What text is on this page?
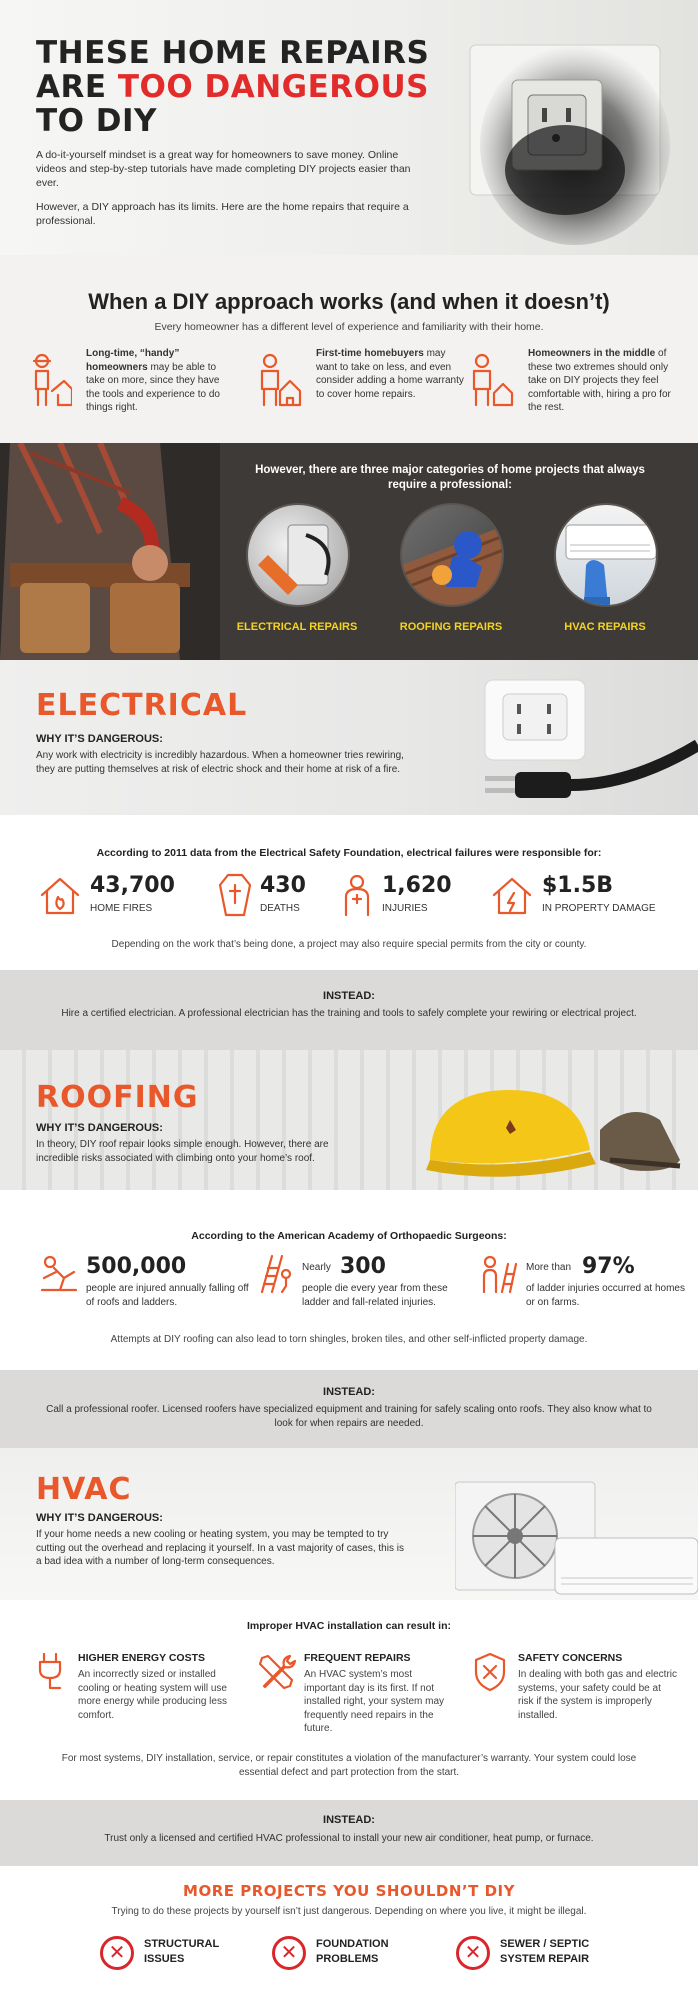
THESE HOME REPAIRS
ARE TOO DANGEROUS
TO DIY

A do-it-yourself mindset is a great way for homeowners to save money. Online videos and step-by-step tutorials have made completing DIY projects easier than ever.

However, a DIY approach has its limits. Here are the home repairs that require a professional.

When a DIY approach works (and when it doesn’t)

Every homeowner has a different level of experience and familiarity with their home.

Long-time, “handy” homeowners may be able to take on more, since they have the tools and experience to do things right.

First-time homebuyers may want to take on less, and even consider adding a home warranty to cover home repairs.

Homeowners in the middle of these two extremes should only take on DIY projects they feel comfortable with, hiring a pro for the rest.

However, there are three major categories of home projects that always require a professional:

ELECTRICAL REPAIRS	ROOFING REPAIRS	HVAC REPAIRS
ELECTRICAL
WHY IT’S DANGEROUS:

Any work with electricity is incredibly hazardous. When a homeowner tries rewiring, they are putting themselves at risk of electric shock and their home at risk of a fire.

According to 2011 data from the Electrical Safety Foundation, electrical failures were responsible for:

43,700
HOME FIRES
430
DEATHS
1,620
INJURIES
$1.5B
IN PROPERTY DAMAGE

Depending on the work that’s being done, a project may also require special permits from the city or county.

INSTEAD:

Hire a certified electrician. A professional electrician has the training and tools to safely complete your rewiring or electrical project.

ROOFING
WHY IT’S DANGEROUS:

In theory, DIY roof repair looks simple enough. However, there are incredible risks associated with climbing onto your home’s roof.

According to the American Academy of Orthopaedic Surgeons:

500,000

people are injured annually falling off of roofs and ladders.

Nearly 300

people die every year from these ladder and fall-related injuries.

More than 97%

of ladder injuries occurred at homes or on farms.

Attempts at DIY roofing can also lead to torn shingles, broken tiles, and other self-inflicted property damage.

INSTEAD:

Call a professional roofer. Licensed roofers have specialized equipment and training for safely scaling onto roofs. They also know what to look for when repairs are needed.

HVAC
WHY IT’S DANGEROUS:

If your home needs a new cooling or heating system, you may be tempted to try cutting out the overhead and replacing it yourself. In a vast majority of cases, this is a bad idea with a number of long-term consequences.

Improper HVAC installation can result in:

HIGHER ENERGY COSTS

An incorrectly sized or installed cooling or heating system will use more energy while producing less comfort.

FREQUENT REPAIRS

An HVAC system’s most important day is its first. If not installed right, your system may frequently need repairs in the future.

SAFETY CONCERNS

In dealing with both gas and electric systems, your safety could be at risk if the system is improperly installed.

For most systems, DIY installation, service, or repair constitutes a violation of the manufacturer’s warranty. Your system could lose essential defect and part protection from the start.

INSTEAD:

Trust only a licensed and certified HVAC professional to install your new air conditioner, heat pump, or furnace.

MORE PROJECTS YOU SHOULDN’T DIY

Trying to do these projects by yourself isn’t just dangerous. Depending on where you live, it might be illegal.

✕	STRUCTURAL
ISSUES	✕	FOUNDATION
PROBLEMS	✕	SEWER / SEPTIC
SYSTEM REPAIR
